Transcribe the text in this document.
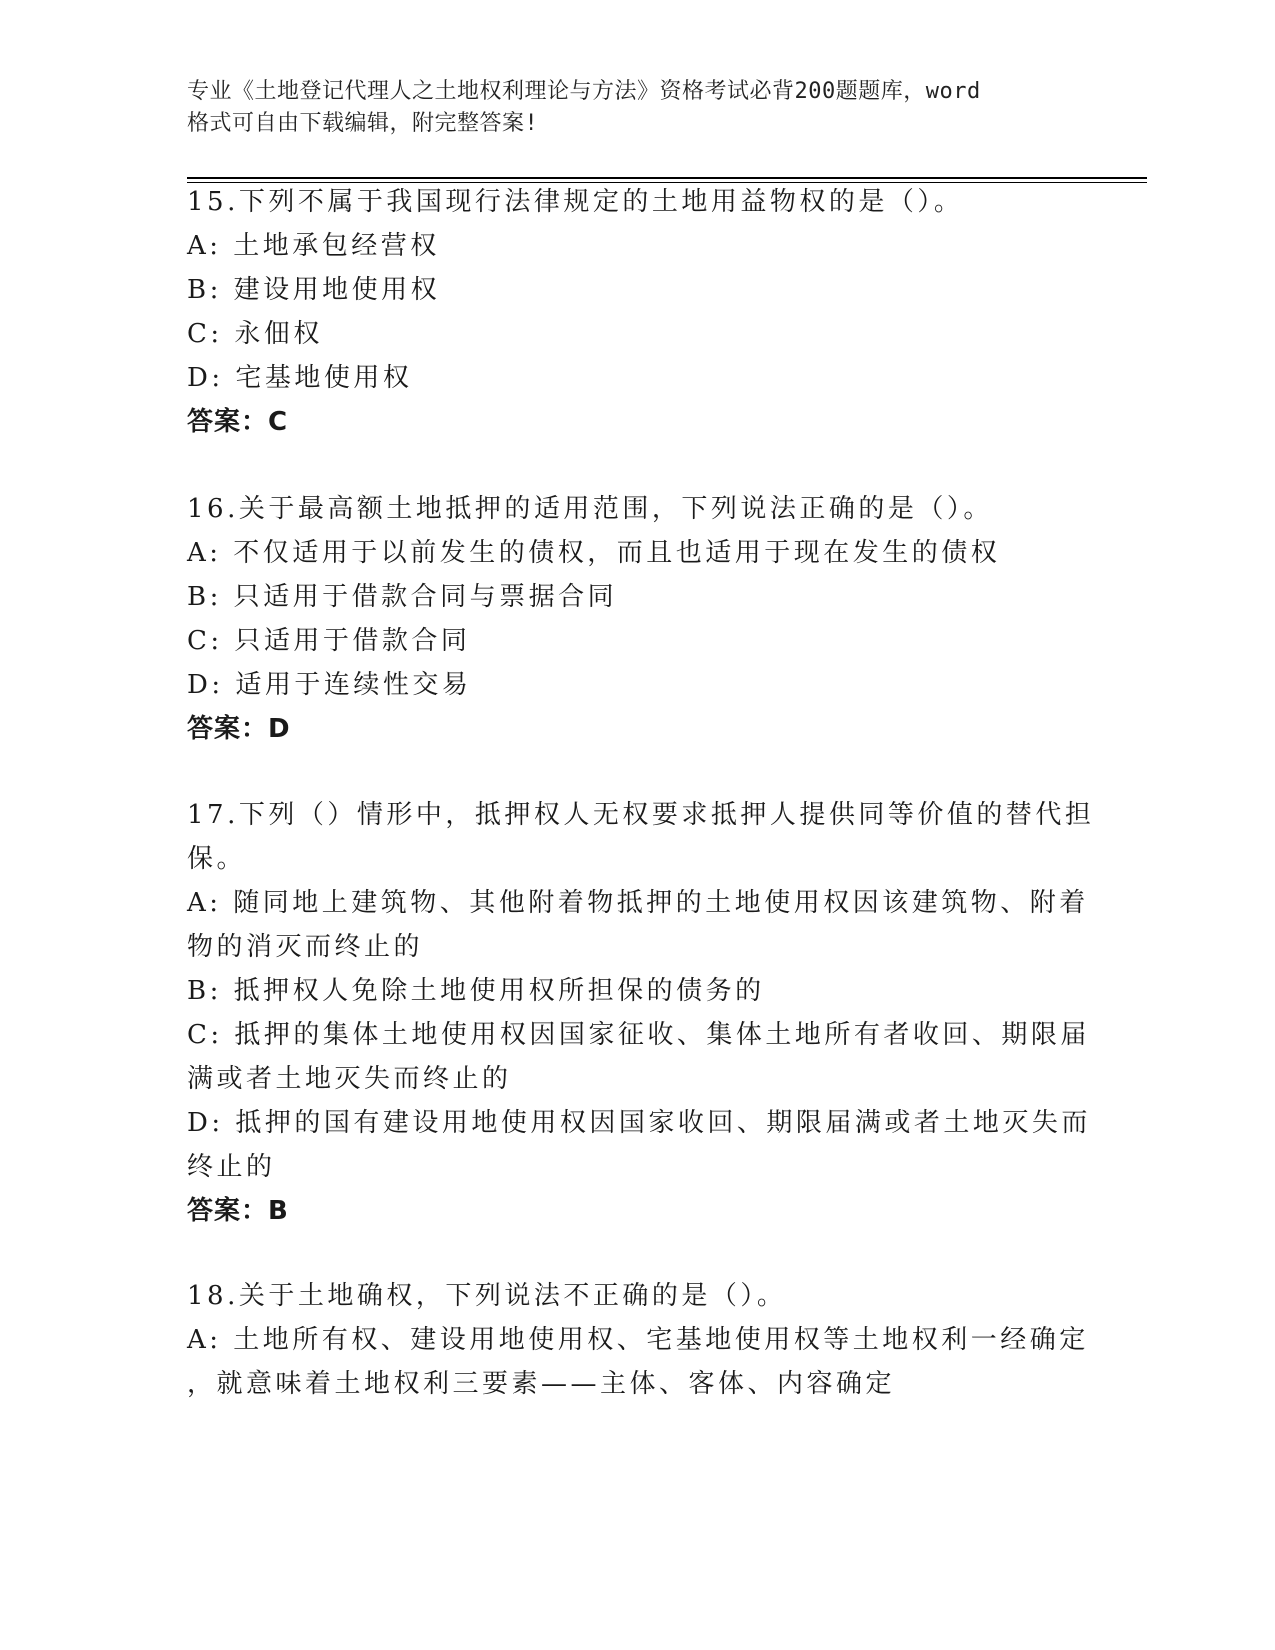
专业《土地登记代理人之土地权利理论与方法》资格考试必背200题题库，word
格式可自由下载编辑，附完整答案!
15.下列不属于我国现行法律规定的土地用益物权的是（）。
A: 土地承包经营权
B: 建设用地使用权
C: 永佃权
D: 宅基地使用权
答案：C
16.关于最高额土地抵押的适用范围，下列说法正确的是（）。
A: 不仅适用于以前发生的债权，而且也适用于现在发生的债权
B: 只适用于借款合同与票据合同
C: 只适用于借款合同
D: 适用于连续性交易
答案：D
17.下列（）情形中，抵押权人无权要求抵押人提供同等价值的替代担
保。
A: 随同地上建筑物、其他附着物抵押的土地使用权因该建筑物、附着
物的消灭而终止的
B: 抵押权人免除土地使用权所担保的债务的
C: 抵押的集体土地使用权因国家征收、集体土地所有者收回、期限届
满或者土地灭失而终止的
D: 抵押的国有建设用地使用权因国家收回、期限届满或者土地灭失而
终止的
答案：B
18.关于土地确权，下列说法不正确的是（）。
A: 土地所有权、建设用地使用权、宅基地使用权等土地权利一经确定
，就意味着土地权利三要素——主体、客体、内容确定
